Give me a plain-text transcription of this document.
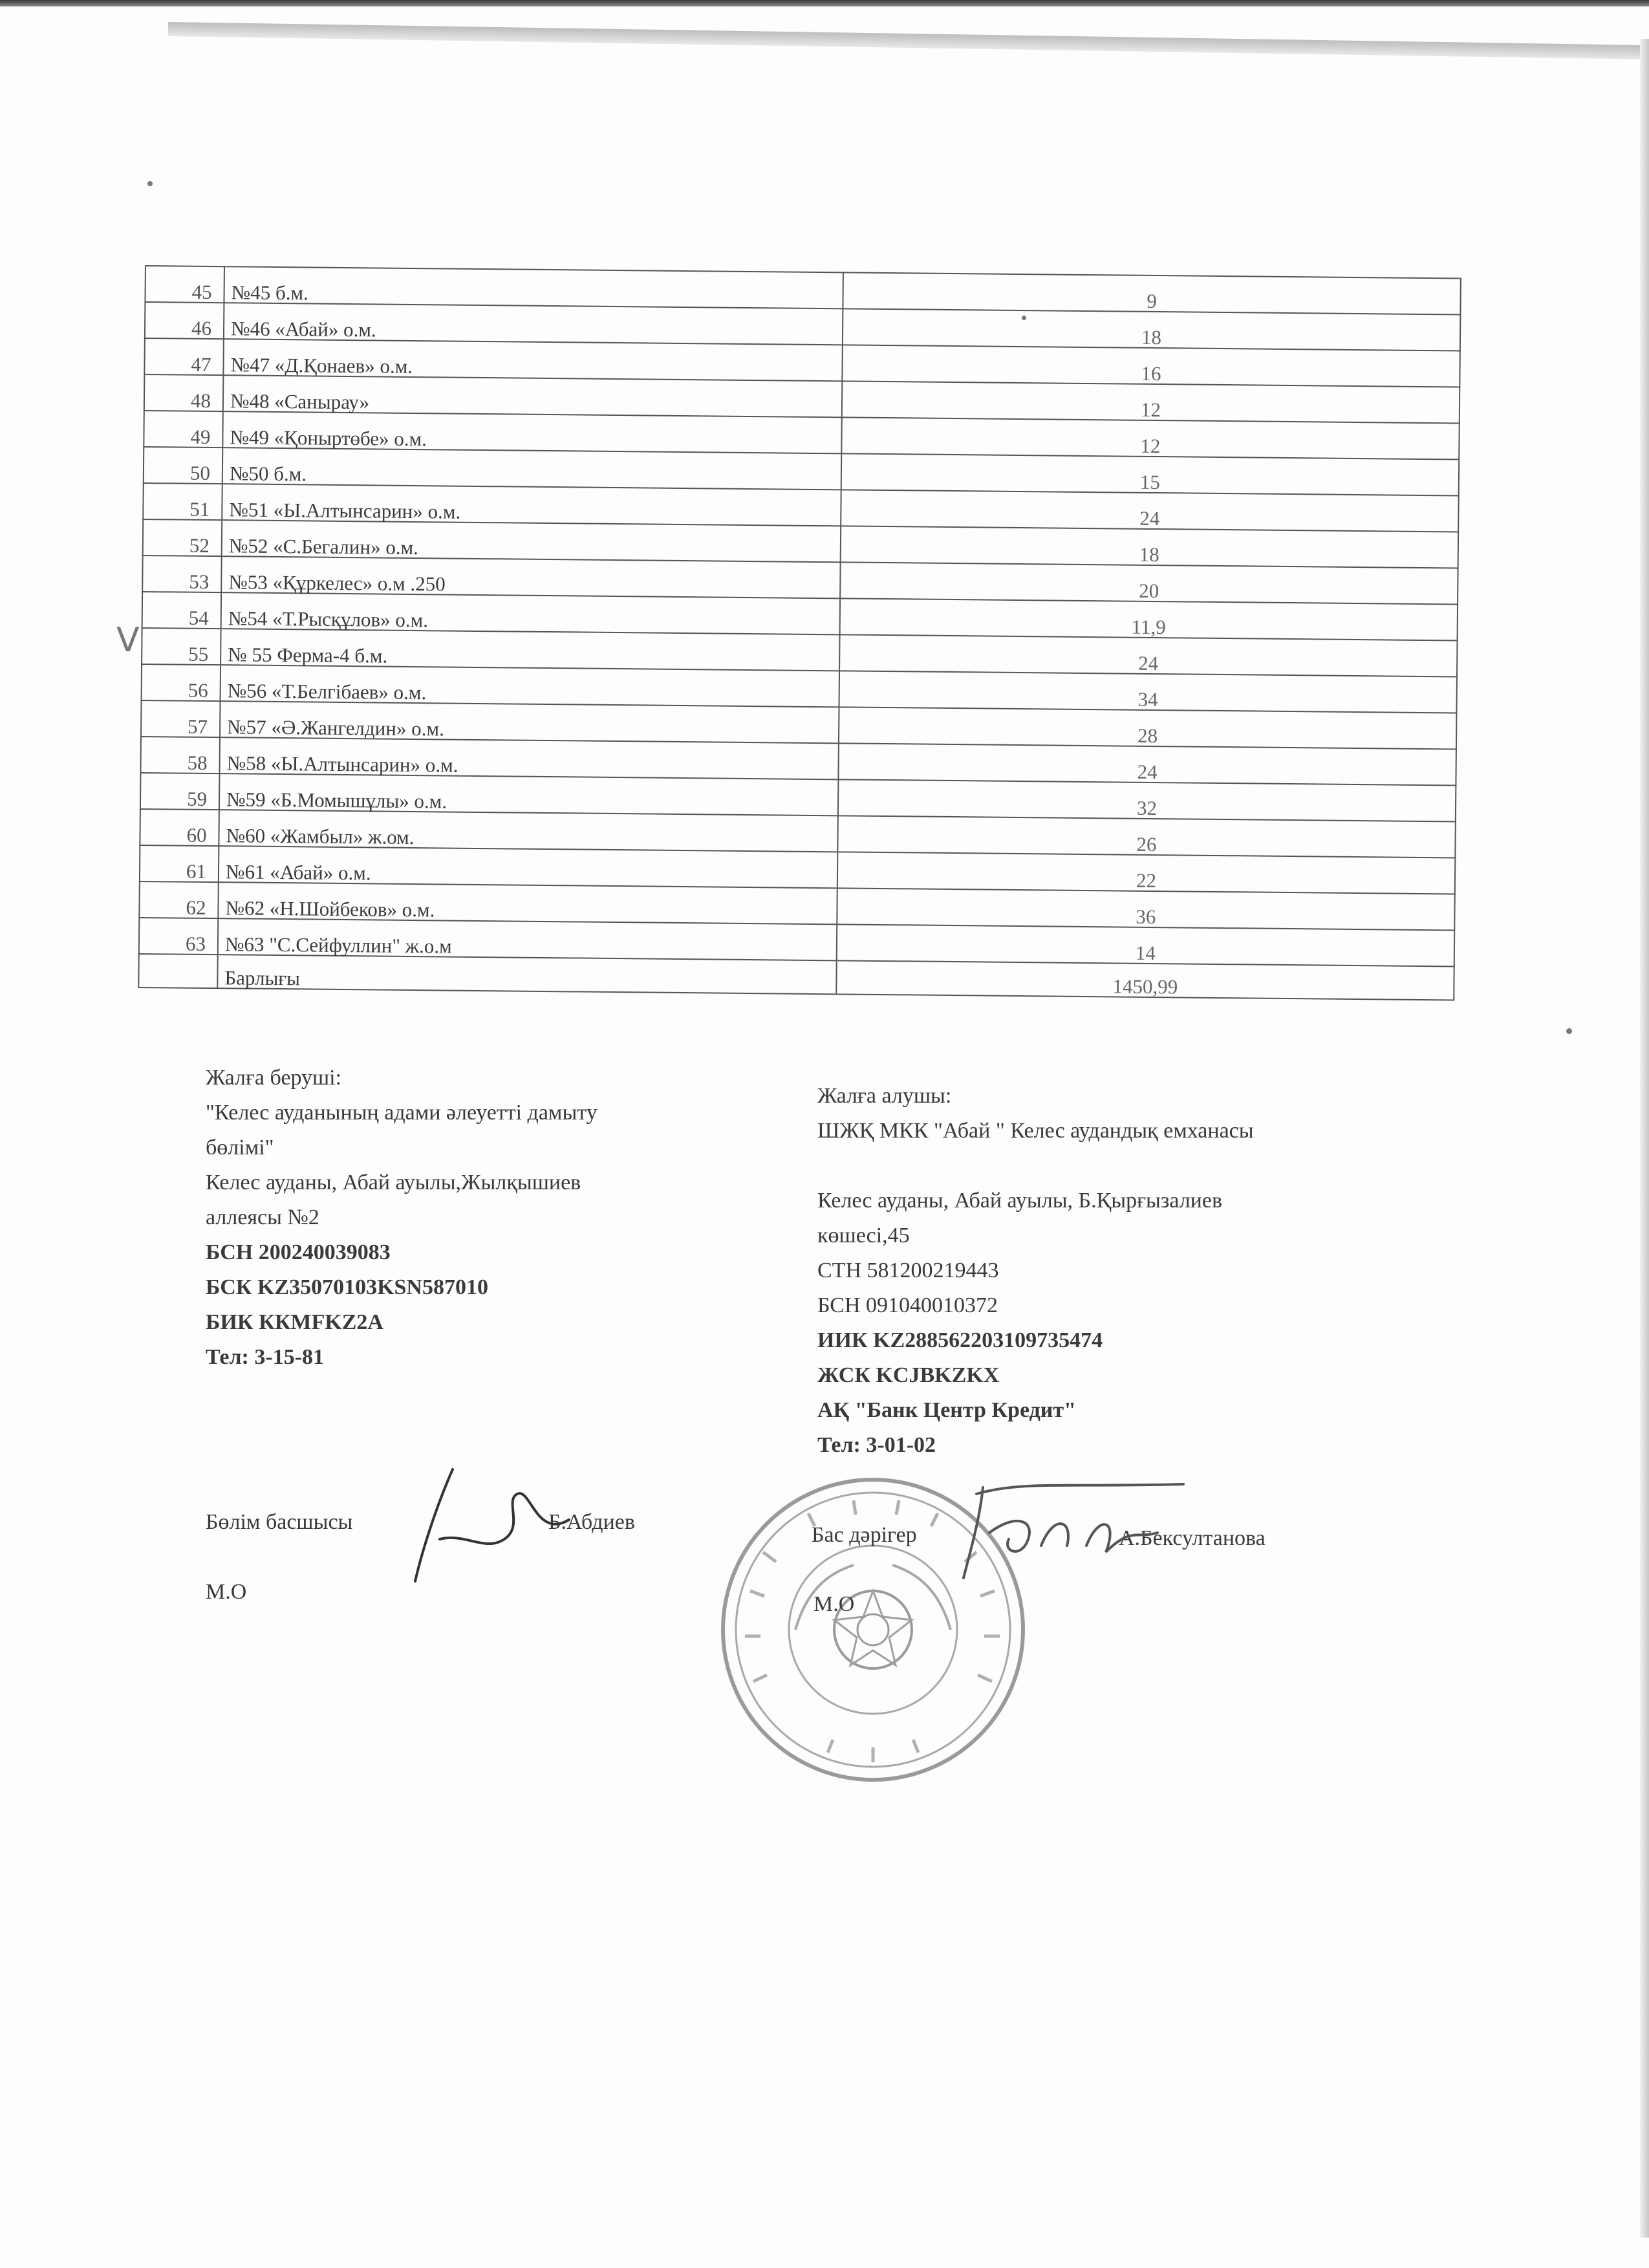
V
45	№45 б.м.	9
46	№46 «Абай» о.м.	18
47	№47 «Д.Қонаев» о.м.	16
48	№48 «Санырау»	12
49	№49 «Қоныртөбе» о.м.	12
50	№50 б.м.	15
51	№51 «Ы.Алтынсарин» о.м.	24
52	№52 «С.Бегалин» о.м.	18
53	№53 «Құркелес» о.м .250	20
54	№54 «Т.Рысқұлов» о.м.	11,9
55	№ 55 Ферма-4 б.м.	24
56	№56 «Т.Белгібаев» о.м.	34
57	№57 «Ә.Жангелдин» о.м.	28
58	№58 «Ы.Алтынсарин» о.м.	24
59	№59 «Б.Момышұлы» о.м.	32
60	№60 «Жамбыл» ж.ом.	26
61	№61 «Абай» о.м.	22
62	№62 «Н.Шойбеков» о.м.	36
63	№63 "С.Сейфуллин" ж.о.м	14
	Барлығы	1450,99
Жалға беруші:
"Келес ауданының адами әлеуетті дамыту
бөлімі"
Келес ауданы, Абай ауылы,Жылқышиев
аллеясы №2
БСН 200240039083
БСК KZ35070103KSN587010
БИК ККМFKZ2A
Тел: 3-15-81
Жалға алушы:
ШЖҚ МКК "Абай " Келес аудандық емханасы
Келес ауданы, Абай ауылы, Б.Қырғызалиев
көшесі,45
СТН 581200219443
БСН 091040010372
ИИК KZ288562203109735474
ЖСК KCJBKZKX
АҚ "Банк Центр Кредит"
Тел: 3-01-02
Бөлім басшысы	Б.Абдиев
М.О
Бас дәрігер	А.Бексултанова
М.О
